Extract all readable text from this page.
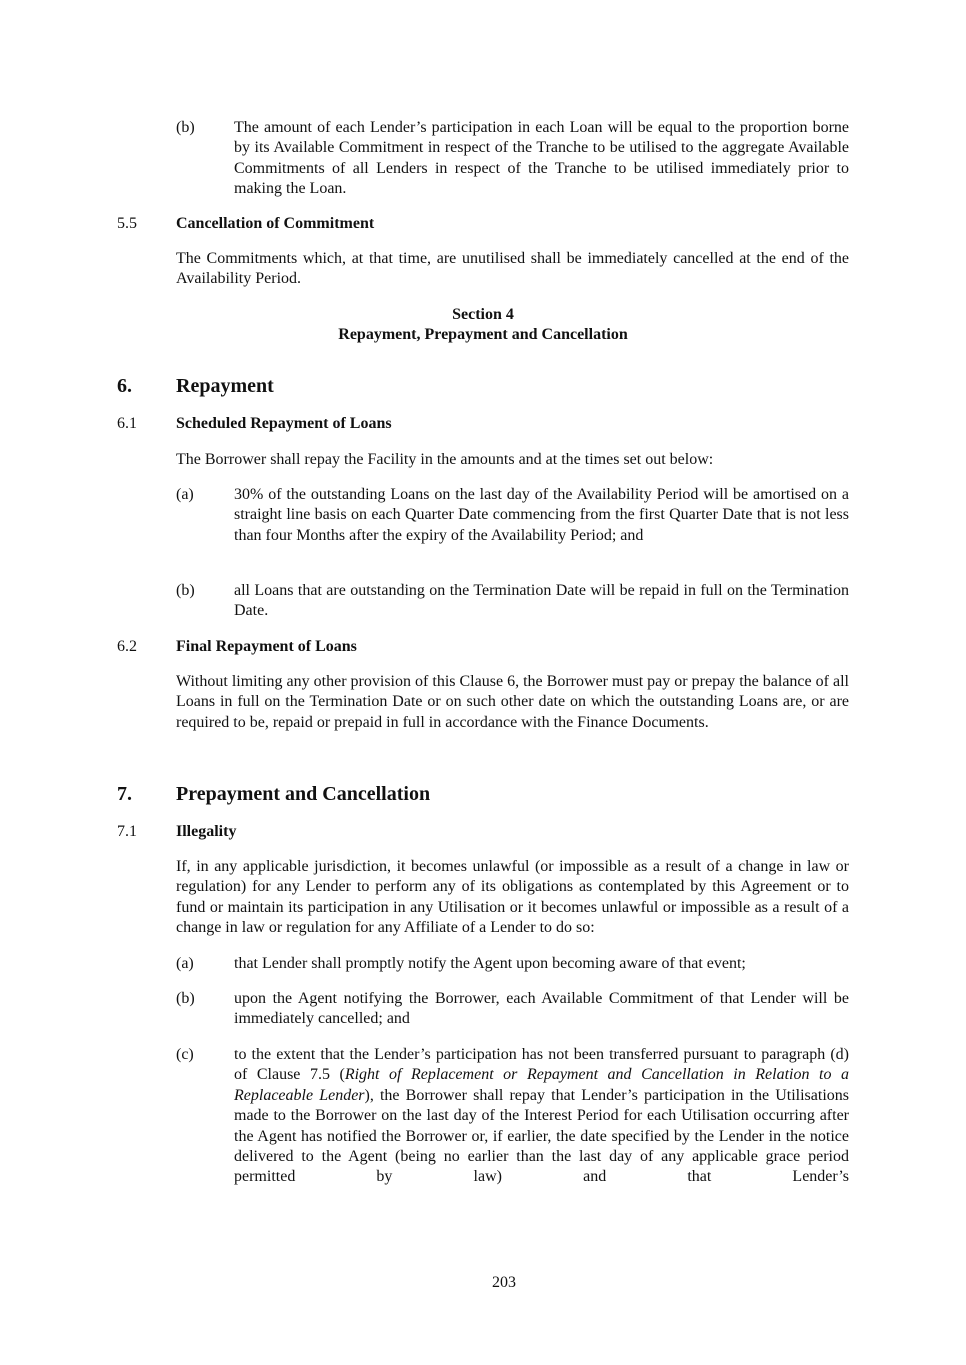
(b) The amount of each Lender’s participation in each Loan will be equal to the proportion borne by its Available Commitment in respect of the Tranche to be utilised to the aggregate Available Commitments of all Lenders in respect of the Tranche to be utilised immediately prior to making the Loan.
5.5 Cancellation of Commitment
The Commitments which, at that time, are unutilised shall be immediately cancelled at the end of the Availability Period.
Section 4
Repayment, Prepayment and Cancellation
6. Repayment
6.1 Scheduled Repayment of Loans
The Borrower shall repay the Facility in the amounts and at the times set out below:
(a)	30% of the outstanding Loans on the last day of the Availability Period will be amortised on a straight line basis on each Quarter Date commencing from the first Quarter Date that is not less than four Months after the expiry of the Availability Period; and
(b) all Loans that are outstanding on the Termination Date will be repaid in full on the Termination Date.
6.2 Final Repayment of Loans
Without limiting any other provision of this Clause 6, the Borrower must pay or prepay the balance of all Loans in full on the Termination Date or on such other date on which the outstanding Loans are, or are required to be, repaid or prepaid in full in accordance with the Finance Documents.
7. Prepayment and Cancellation
7.1 Illegality
If, in any applicable jurisdiction, it becomes unlawful (or impossible as a result of a change in law or regulation) for any Lender to perform any of its obligations as contemplated by this Agreement or to fund or maintain its participation in any Utilisation or it becomes unlawful or impossible as a result of a change in law or regulation for any Affiliate of a Lender to do so:
(a)	that Lender shall promptly notify the Agent upon becoming aware of that event;
(b) upon the Agent notifying the Borrower, each Available Commitment of that Lender will be immediately cancelled; and
(c)	to the extent that the Lender’s participation has not been transferred pursuant to paragraph (d) of Clause 7.5 (Right of Replacement or Repayment and Cancellation in Relation to a Replaceable Lender), the Borrower shall repay that Lender’s participation in the Utilisations made to the Borrower on the last day of the Interest Period for each Utilisation occurring after the Agent has notified the Borrower or, if earlier, the date specified by the Lender in the notice delivered to the Agent (being no earlier than the last day of any applicable grace period permitted by law) and that Lender’s
203
